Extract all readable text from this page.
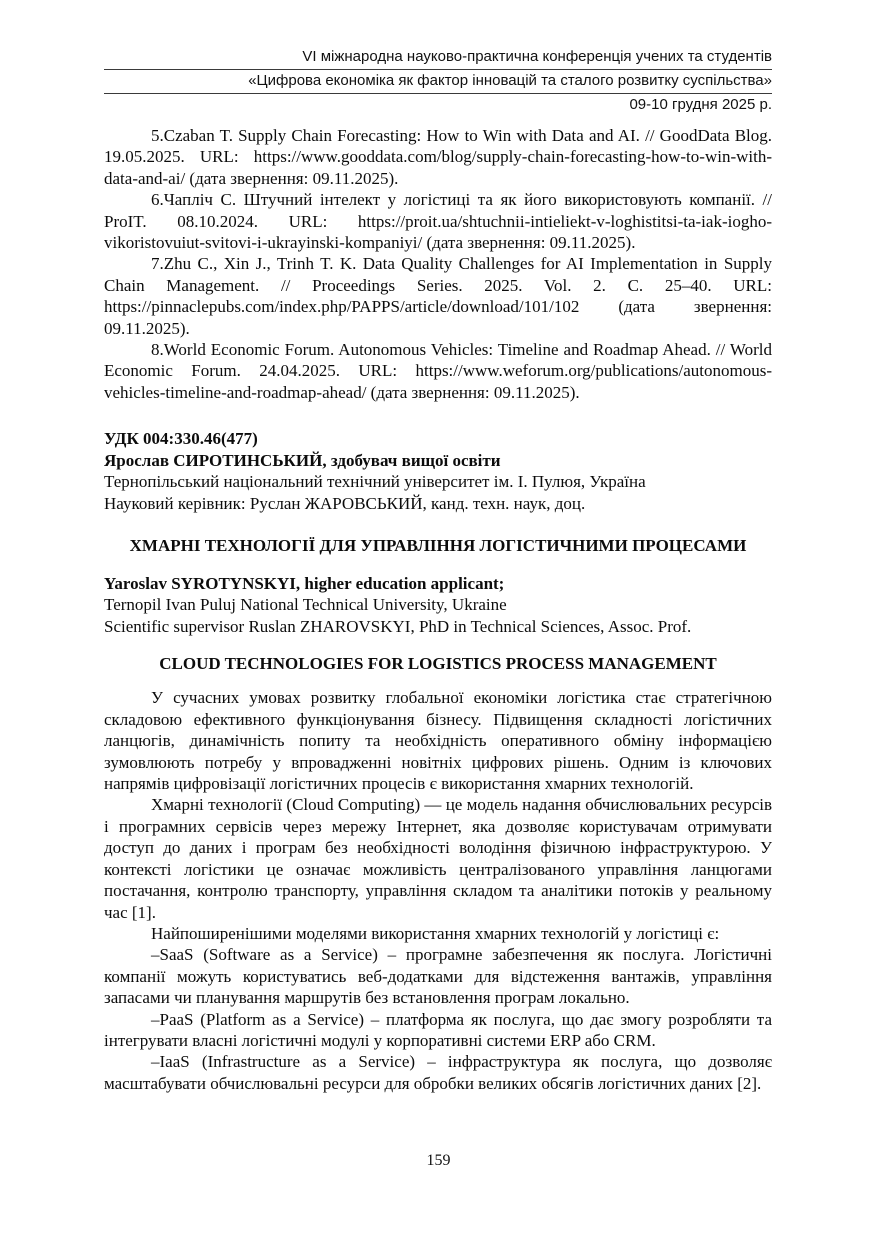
VI міжнародна науково-практична конференція учених та студентів
«Цифрова економіка як фактор інновацій та сталого розвитку суспільства»
09-10 грудня 2025 р.

5.Czaban T. Supply Chain Forecasting: How to Win with Data and AI. // GoodData Blog. 19.05.2025. URL: https://www.gooddata.com/blog/supply-chain-forecasting-how-to-win-with-data-and-ai/ (дата звернення: 09.11.2025).

6.Чапліч С. Штучний інтелект у логістиці та як його використовують компанії. // ProIT. 08.10.2024. URL: https://proit.ua/shtuchnii-intieliekt-v-loghistitsi-ta-iak-iogho-vikoristovuiut-svitovi-i-ukrayinski-kompaniyi/ (дата звернення: 09.11.2025).

7.Zhu C., Xin J., Trinh T. K. Data Quality Challenges for AI Implementation in Supply Chain Management. // Proceedings Series. 2025. Vol. 2. С. 25–40. URL: https://pinnaclepubs.com/index.php/PAPPS/article/download/101/102 (дата звернення: 09.11.2025).

8.World Economic Forum. Autonomous Vehicles: Timeline and Roadmap Ahead. // World Economic Forum. 24.04.2025. URL: https://www.weforum.org/publications/autonomous-vehicles-timeline-and-roadmap-ahead/ (дата звернення: 09.11.2025).

УДК 004:330.46(477)
Ярослав СИРОТИНСЬКИЙ, здобувач вищої освіти
Тернопільський національний технічний університет ім. І. Пулюя, Україна
Науковий керівник: Руслан ЖАРОВСЬКИЙ, канд. техн. наук, доц.
ХМАРНІ ТЕХНОЛОГІЇ ДЛЯ УПРАВЛІННЯ ЛОГІСТИЧНИМИ ПРОЦЕСАМИ
Yaroslav SYROTYNSKYI, higher education applicant;
Ternopil Ivan Puluj National Technical University, Ukraine
Scientific supervisor Ruslan ZHAROVSKYI, PhD in Technical Sciences, Assoc. Prof.
CLOUD TECHNOLOGIES FOR LOGISTICS PROCESS MANAGEMENT

У сучасних умовах розвитку глобальної економіки логістика стає стратегічною складовою ефективного функціонування бізнесу. Підвищення складності логістичних ланцюгів, динамічність попиту та необхідність оперативного обміну інформацією зумовлюють потребу у впровадженні новітніх цифрових рішень. Одним із ключових напрямів цифровізації логістичних процесів є використання хмарних технологій.

Хмарні технології (Cloud Computing) — це модель надання обчислювальних ресурсів і програмних сервісів через мережу Інтернет, яка дозволяє користувачам отримувати доступ до даних і програм без необхідності володіння фізичною інфраструктурою. У контексті логістики це означає можливість централізованого управління ланцюгами постачання, контролю транспорту, управління складом та аналітики потоків у реальному час [1].

Найпоширенішими моделями використання хмарних технологій у логістиці є:

–SaaS (Software as a Service) – програмне забезпечення як послуга. Логістичні компанії можуть користуватись веб-додатками для відстеження вантажів, управління запасами чи планування маршрутів без встановлення програм локально.

–PaaS (Platform as a Service) – платформа як послуга, що дає змогу розробляти та інтегрувати власні логістичні модулі у корпоративні системи ERP або CRM.

–IaaS (Infrastructure as a Service) – інфраструктура як послуга, що дозволяє масштабувати обчислювальні ресурси для обробки великих обсягів логістичних даних [2].

159
